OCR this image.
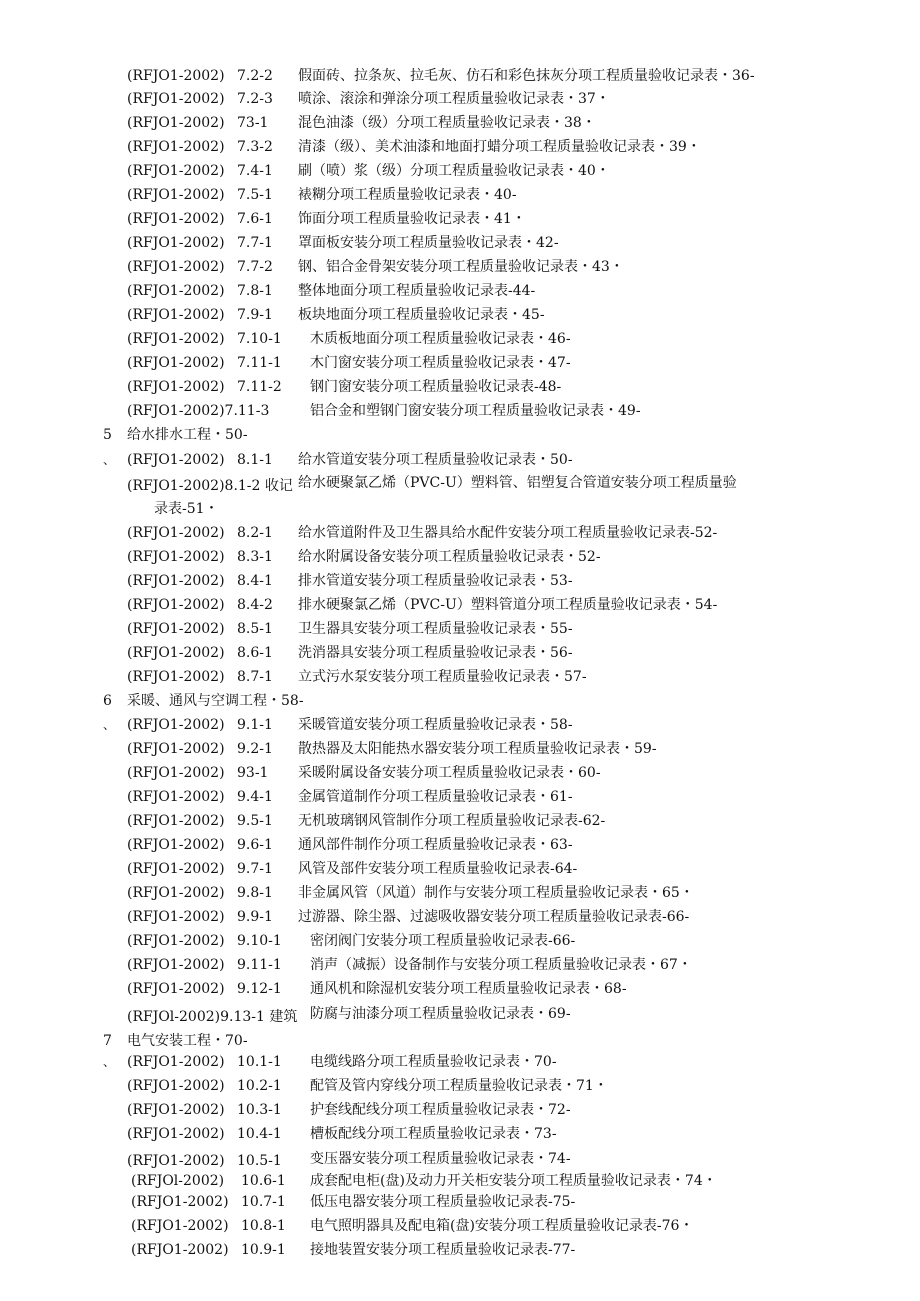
(RFJO1-2002) 7.2-2 假面砖、拉条灰、拉毛灰、仿石和彩色抹灰分项工程质量验收记录表・36-
(RFJO1-2002) 7.2-3 喷涂、滚涂和弹涂分项工程质量验收记录表・37・
(RFJO1-2002) 73-1 混色油漆（级）分项工程质量验收记录表・38・
(RFJO1-2002) 7.3-2 清漆（级）、美术油漆和地面打蜡分项工程质量验收记录表・39・
(RFJO1-2002) 7.4-1 刷（喷）浆（级）分项工程质量验收记录表・40・
(RFJO1-2002) 7.5-1 裱糊分项工程质量验收记录表・40-
(RFJO1-2002) 7.6-1 饰面分项工程质量验收记录表・41・
(RFJO1-2002) 7.7-1 罩面板安装分项工程质量验收记录表・42-
(RFJO1-2002) 7.7-2 钢、铝合金骨架安装分项工程质量验收记录表・43・
(RFJO1-2002) 7.8-1 整体地面分项工程质量验收记录表-44-
(RFJO1-2002) 7.9-1 板块地面分项工程质量验收记录表・45-
(RFJO1-2002) 7.10-1 木质板地面分项工程质量验收记录表・46-
(RFJO1-2002) 7.11-1 木门窗安装分项工程质量验收记录表・47-
(RFJO1-2002) 7.11-2 钢门窗安装分项工程质量验收记录表-48-
(RFJO1-2002)7.11-3	铝合金和塑钢门窗安装分项工程质量验收记录表・49-
5 给水排水工程・50-
、 (RFJO1-2002) 8.1-1 给水管道安装分项工程质量验收记录表・50-
(RFJO1-2002)8.1-2 收记 给水硬聚氯乙烯（PVC-U）塑料管、铝塑复合管道安装分项工程质量验
录表-51・
(RFJO1-2002) 8.2-1 给水管道附件及卫生器具给水配件安装分项工程质量验收记录表-52-
(RFJO1-2002) 8.3-1 给水附属设备安装分项工程质量验收记录表・52-
(RFJO1-2002) 8.4-1 排水管道安装分项工程质量验收记录表・53-
(RFJO1-2002) 8.4-2 排水硬聚氯乙烯（PVC-U）塑料管道分项工程质量验收记录表・54-
(RFJO1-2002) 8.5-1 卫生器具安装分项工程质量验收记录表・55-
(RFJO1-2002) 8.6-1 洗消器具安装分项工程质量验收记录表・56-
(RFJO1-2002) 8.7-1 立式污水泵安装分项工程质量验收记录表・57-
6 采暖、通风与空调工程・58-
、 (RFJO1-2002) 9.1-1 采暖管道安装分项工程质量验收记录表・58-
(RFJO1-2002) 9.2-1 散热器及太阳能热水器安装分项工程质量验收记录表・59-
(RFJO1-2002) 93-1 采暖附属设备安装分项工程质量验收记录表・60-
(RFJO1-2002) 9.4-1 金属管道制作分项工程质量验收记录表・61-
(RFJO1-2002) 9.5-1 无机玻璃钢风管制作分项工程质量验收记录表-62-
(RFJO1-2002) 9.6-1 通风部件制作分项工程质量验收记录表・63-
(RFJO1-2002) 9.7-1 风管及部件安装分项工程质量验收记录表-64-
(RFJO1-2002) 9.8-1 非金属风管（风道）制作与安装分项工程质量验收记录表・65・
(RFJO1-2002) 9.9-1 过游器、除尘器、过滤吸收器安装分项工程质量验收记录表-66-
(RFJO1-2002) 9.10-1 密闭阀门安装分项工程质量验收记录表-66-
(RFJO1-2002) 9.11-1 消声（减振）设备制作与安装分项工程质量验收记录表・67・
(RFJO1-2002) 9.12-1 通风机和除湿机安装分项工程质量验收记录表・68-
(RFJOl-2002)9.13-1 建筑 防腐与油漆分项工程质量验收记录表・69-
7 电气安装工程・70-
、 (RFJO1-2002) 10.1-1 电缆线路分项工程质量验收记录表・70-
(RFJO1-2002) 10.2-1 配管及管内穿线分项工程质量验收记录表・71・
(RFJO1-2002) 10.3-1 护套线配线分项工程质量验收记录表・72-
(RFJO1-2002) 10.4-1 槽板配线分项工程质量验收记录表・73-
(RFJO1-2002) 10.5-1 变压器安装分项工程质量验收记录表・74-
(RFJOl-2002) 10.6-1 成套配电柜(盘)及动力开关柜安装分项工程质量验收记录表・74・
(RFJO1-2002) 10.7-1 低压电器安装分项工程质量验收记录表-75-
(RFJO1-2002) 10.8-1 电气照明器具及配电箱(盘)安装分项工程质量验收记录表-76・
(RFJO1-2002) 10.9-1 接地装置安装分项工程质量验收记录表-77-
